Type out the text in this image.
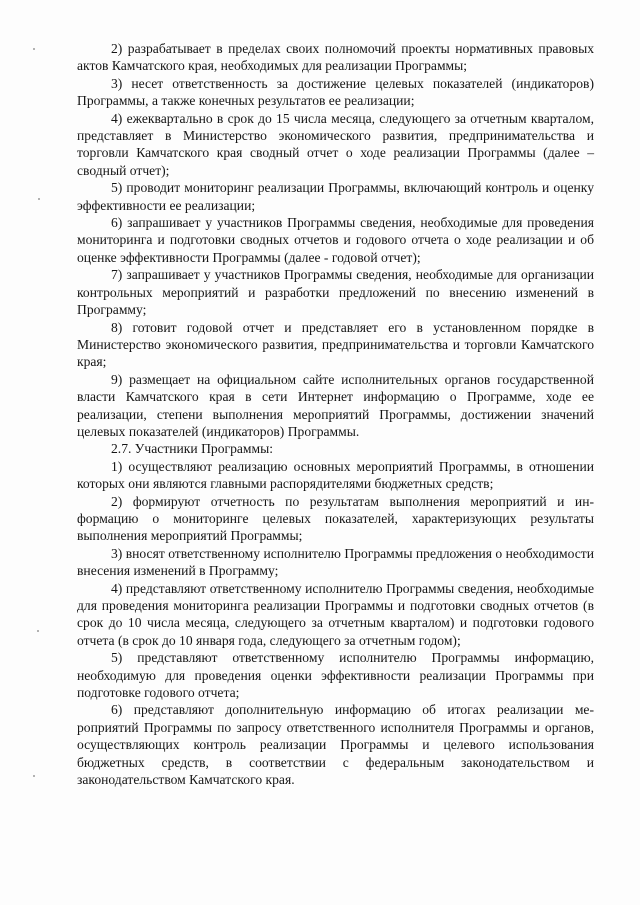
2) разрабатывает в пределах своих полномочий проекты нормативных правовых актов Камчатского края, необходимых для реализации Программы;

3) несет ответственность за достижение целевых показателей (индикаторов) Программы, а также конечных результатов ее реализации;

4) ежеквартально в срок до 15 числа месяца, следующего за отчетным кварталом, представляет в Министерство экономического развития, предпринимательства и торговли Камчатского края сводный отчет о ходе реализации Программы (далее – сводный отчет);

5) проводит мониторинг реализации Программы, включающий контроль и оценку эффективности ее реализации;

6) запрашивает у участников Программы сведения, необходимые для проведения мониторинга и подготовки сводных отчетов и годового отчета о ходе реализации и об оценке эффективности Программы (далее - годовой отчет);

7) запрашивает у участников Программы сведения, необходимые для организации контрольных мероприятий и разработки предложений по внесению изменений в Программу;

8) готовит годовой отчет и представляет его в установленном порядке в Министерство экономического развития, предпринимательства и торговли Камчатского края;

9) размещает на официальном сайте исполнительных органов государственной власти Камчатского края в сети Интернет информацию о Программе, ходе ее реализации, степени выполнения мероприятий Программы, достижении значений целевых показателей (индикаторов) Программы.

2.7. Участники Программы:

1) осуществляют реализацию основных мероприятий Программы, в отношении которых они являются главными распорядителями бюджетных средств;

2) формируют отчетность по результатам выполнения мероприятий и информацию о мониторинге целевых показателей, характеризующих результаты выполнения мероприятий Программы;

3) вносят ответственному исполнителю Программы предложения о необходимости внесения изменений в Программу;

4) представляют ответственному исполнителю Программы сведения, необходимые для проведения мониторинга реализации Программы и подготовки сводных отчетов (в срок до 10 числа месяца, следующего за отчетным кварталом) и подготовки годового отчета (в срок до 10 января года, следующего за отчетным годом);

5) представляют ответственному исполнителю Программы информацию, необходимую для проведения оценки эффективности реализации Программы при подготовке годового отчета;

6) представляют дополнительную информацию об итогах реализации мероприятий Программы по запросу ответственного исполнителя Программы и органов, осуществляющих контроль реализации Программы и целевого использования бюджетных средств, в соответствии с федеральным законодательством и законодательством Камчатского края.
